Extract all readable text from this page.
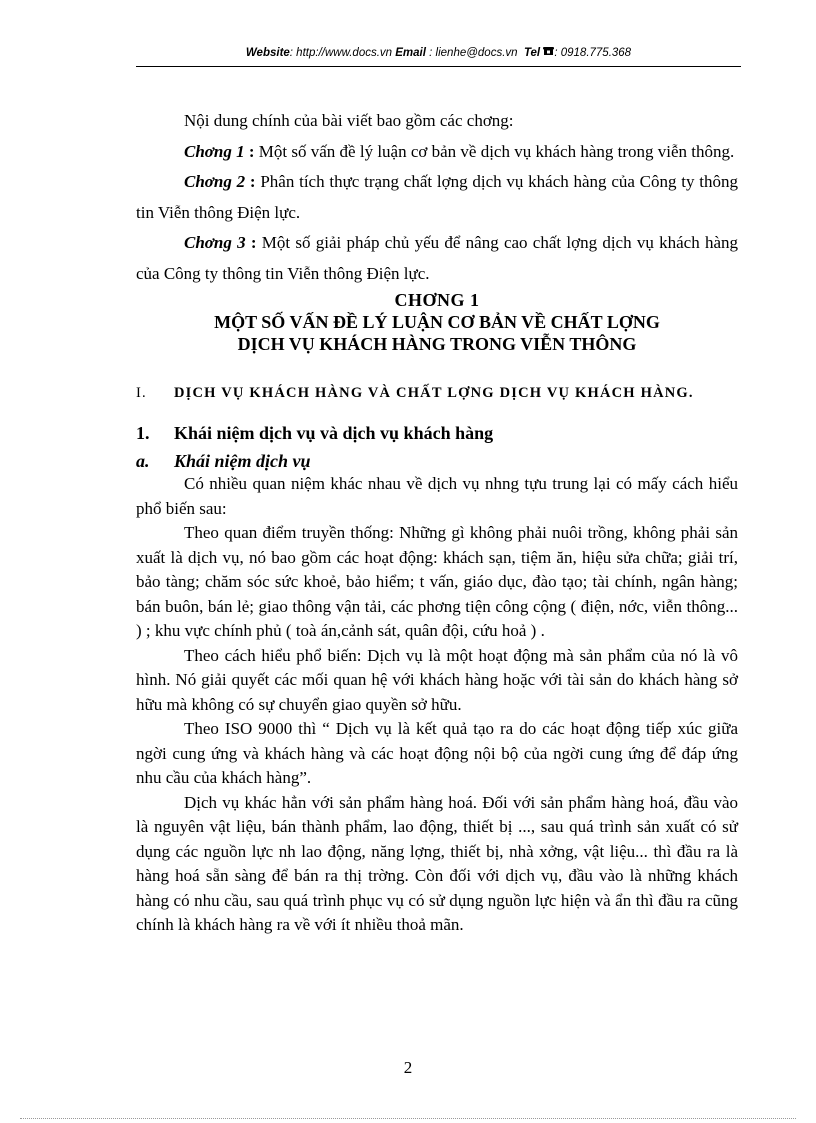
Website: http://www.docs.vn Email : lienhe@docs.vn Tel : 0918.775.368

Nội dung chính của bài viết bao gồm các chơng:

Chơng 1 : Một số vấn đề lý luận cơ bản về dịch vụ khách hàng trong viễn thông.

Chơng 2 : Phân tích thực trạng chất lợng dịch vụ khách hàng của Công ty thông tin Viễn thông Điện lực.

Chơng 3 : Một số giải pháp chủ yếu để nâng cao chất lợng dịch vụ khách hàng của Công ty thông tin Viễn thông Điện lực.

CHƠNG 1
MỘT SỐ VẤN ĐỀ LÝ LUẬN CƠ BẢN VỀ CHẤT LỢNG
DỊCH VỤ KHÁCH HÀNG TRONG VIỄN THÔNG
I.	DỊCH VỤ KHÁCH HÀNG VÀ CHẤT LỢNG DỊCH VỤ KHÁCH HÀNG.
1.	Khái niệm dịch vụ và dịch vụ khách hàng
a.	Khái niệm dịch vụ

Có nhiều quan niệm khác nhau về dịch vụ nhng tựu trung lại có mấy cách hiểu phổ biến sau:

Theo quan điểm truyền thống: Những gì không phải nuôi trồng, không phải sản xuất là dịch vụ, nó bao gồm các hoạt động: khách sạn, tiệm ăn, hiệu sửa chữa; giải trí, bảo tàng; chăm sóc sức khoẻ, bảo hiểm; t vấn, giáo dục, đào tạo; tài chính, ngân hàng; bán buôn, bán lẻ; giao thông vận tải, các phơng tiện công cộng ( điện, nớc, viễn thông... ) ; khu vực chính phủ ( toà án,cảnh sát, quân đội, cứu hoả ) .

Theo cách hiểu phổ biến: Dịch vụ là một hoạt động mà sản phẩm của nó là vô hình. Nó giải quyết các mối quan hệ với khách hàng hoặc với tài sản do khách hàng sở hữu mà không có sự chuyển giao quyền sở hữu.

Theo ISO 9000 thì “ Dịch vụ là kết quả tạo ra do các hoạt động tiếp xúc giữa ngời cung ứng và khách hàng và các hoạt động nội bộ của ngời cung ứng để đáp ứng nhu cầu của khách hàng”.

Dịch vụ khác hẳn với sản phẩm hàng hoá. Đối với sản phẩm hàng hoá, đầu vào là nguyên vật liệu, bán thành phẩm, lao động, thiết bị ..., sau quá trình sản xuất có sử dụng các nguồn lực nh lao động, năng lợng, thiết bị, nhà xởng, vật liệu... thì đầu ra là hàng hoá sẵn sàng để bán ra thị trờng. Còn đối với dịch vụ, đầu vào là những khách hàng có nhu cầu, sau quá trình phục vụ có sử dụng nguồn lực hiện và ẩn thì đầu ra cũng chính là khách hàng ra về với ít nhiều thoả mãn.

2
